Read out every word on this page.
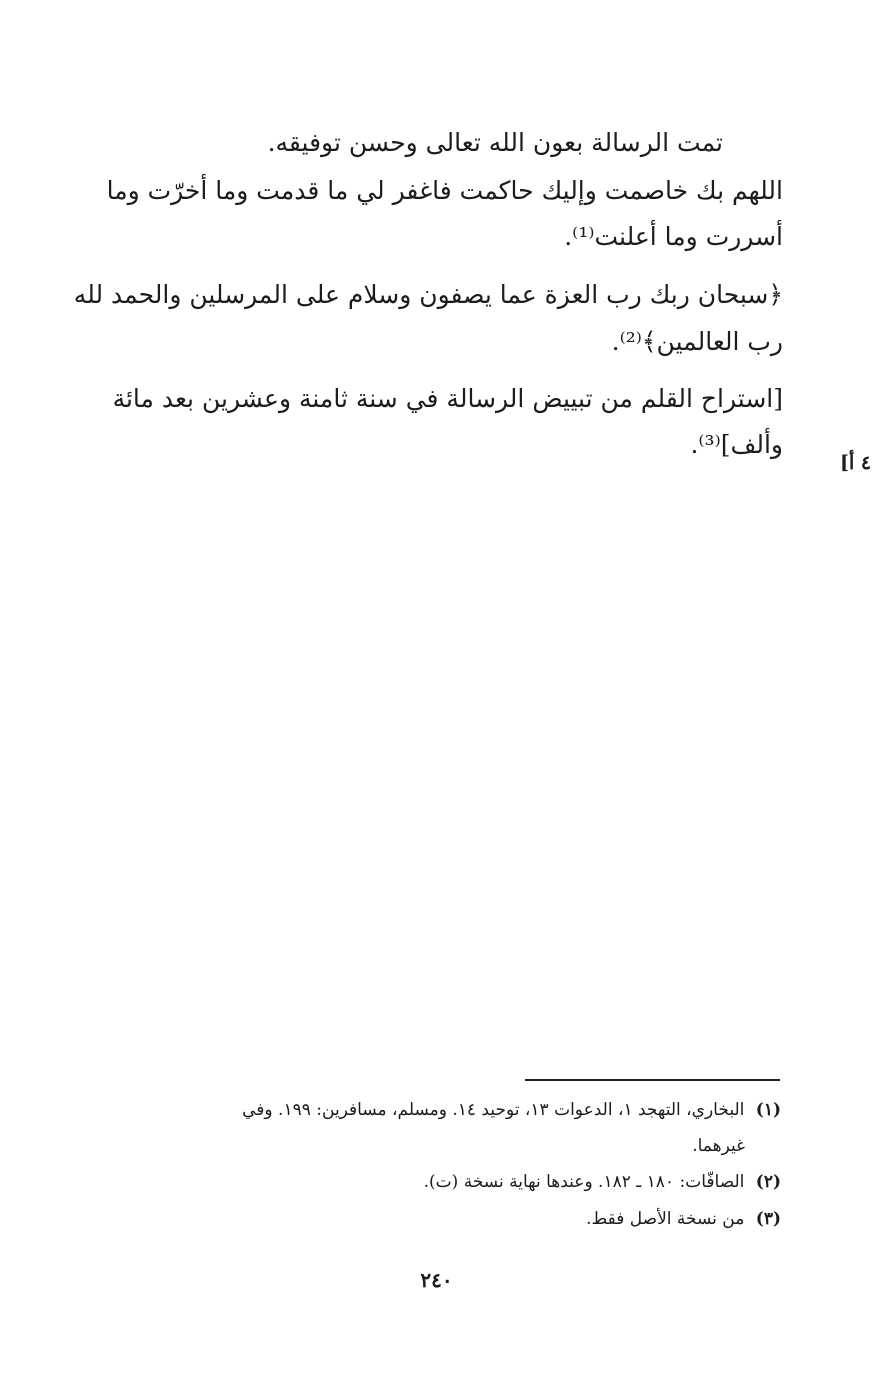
تمت الرسالة بعون الله تعالى وحسن توفيقه.
اللهم بك خاصمت وإليك حاكمت فاغفر لي ما قدمت وما أخرّت وما
أسررت وما أعلنت⁽¹⁾.
﴿سبحان ربك رب العزة عما يصفون وسلام على المرسلين والحمد لله
رب العالمين﴾⁽²⁾.
[استراح القلم من تبييض الرسالة في سنة ثامنة وعشرين بعد مائة
وألف]⁽³⁾.
٤ أ]
(١) البخاري، التهجد ١، الدعوات ١٣، توحيد ١٤. ومسلم، مسافرين: ١٩٩. وفي
غيرهما.
(٢) الصافّات: ١٨٠ ـ ١٨٢. وعندها نهاية نسخة (ت).
(٣) من نسخة الأصل فقط.
٢٤٠
